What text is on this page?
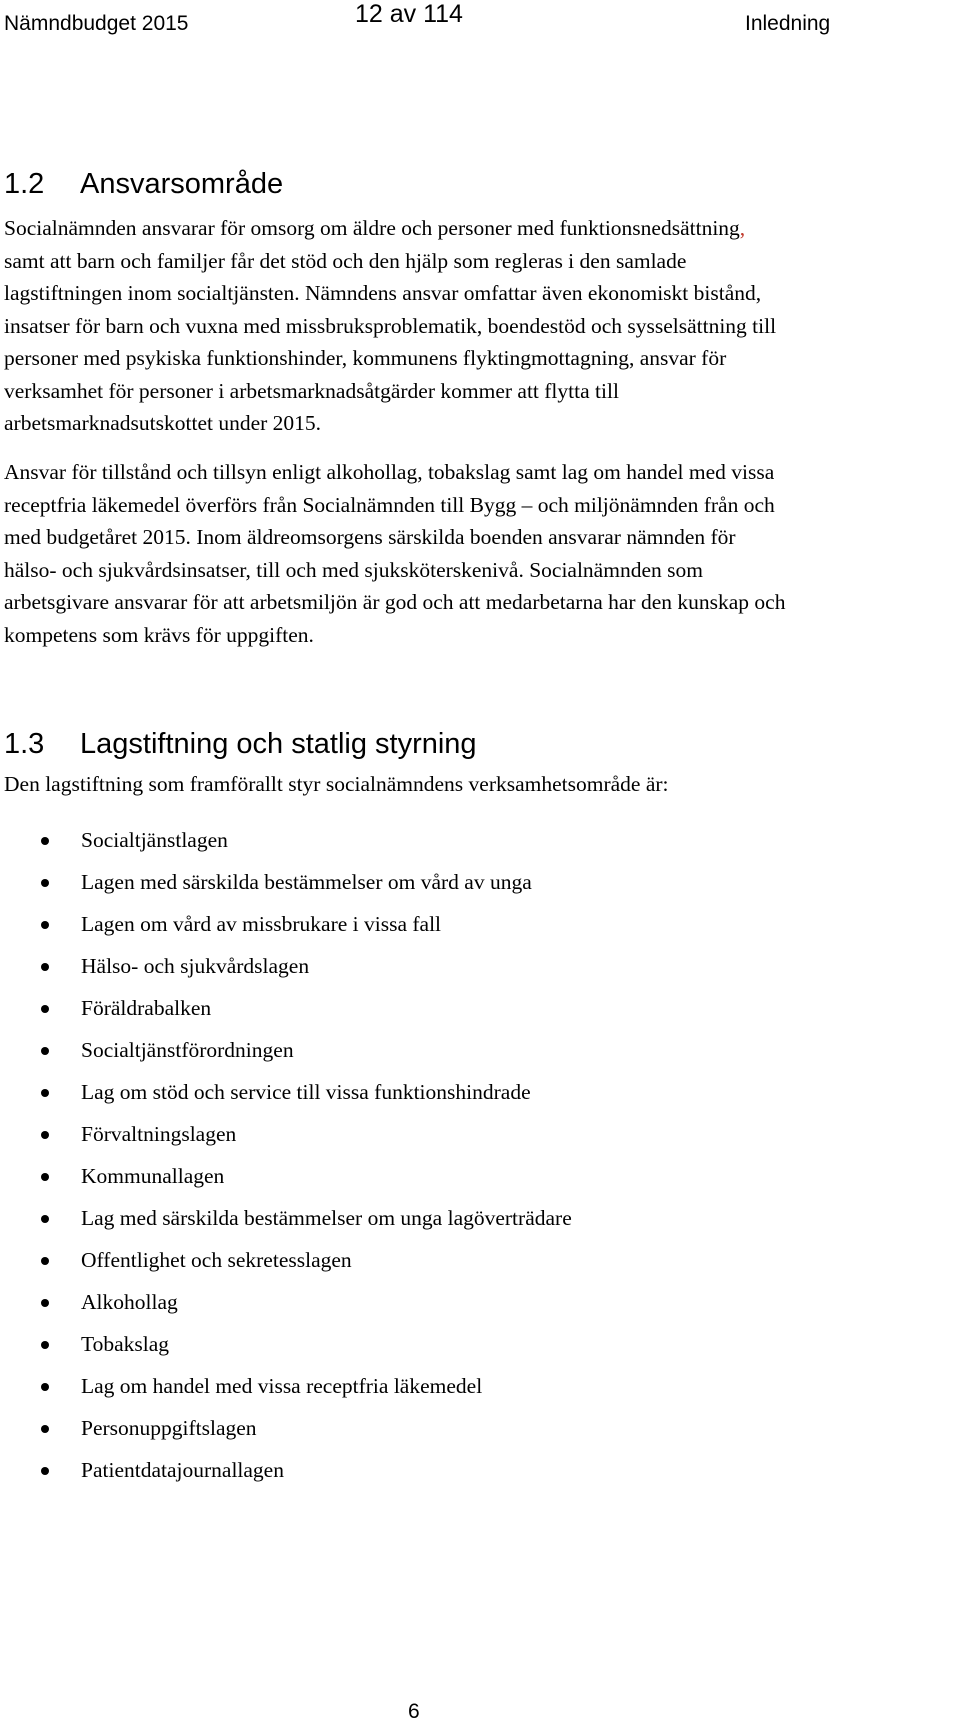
Nämndbudget 2015	12 av 114	Inledning
1.2 Ansvarsområde
Socialnämnden ansvarar för omsorg om äldre och personer med funktionsnedsättning,
samt att barn och familjer får det stöd och den hjälp som regleras i den samlade
lagstiftningen inom socialtjänsten. Nämndens ansvar omfattar även ekonomiskt bistånd,
insatser för barn och vuxna med missbruksproblematik, boendestöd och sysselsättning till
personer med psykiska funktionshinder, kommunens flyktingmottagning, ansvar för
verksamhet för personer i arbetsmarknadsåtgärder kommer att flytta till
arbetsmarknadsutskottet under 2015.
Ansvar för tillstånd och tillsyn enligt alkohollag, tobakslag samt lag om handel med vissa
receptfria läkemedel överförs från Socialnämnden till Bygg – och miljönämnden från och
med budgetåret 2015. Inom äldreomsorgens särskilda boenden ansvarar nämnden för
hälso- och sjukvårdsinsatser, till och med sjuksköterskenivå. Socialnämnden som
arbetsgivare ansvarar för att arbetsmiljön är god och att medarbetarna har den kunskap och
kompetens som krävs för uppgiften.
1.3 Lagstiftning och statlig styrning
Den lagstiftning som framförallt styr socialnämndens verksamhetsområde är:
Socialtjänstlagen
Lagen med särskilda bestämmelser om vård av unga
Lagen om vård av missbrukare i vissa fall
Hälso- och sjukvårdslagen
Föräldrabalken
Socialtjänstförordningen
Lag om stöd och service till vissa funktionshindrade
Förvaltningslagen
Kommunallagen
Lag med särskilda bestämmelser om unga lagöverträdare
Offentlighet och sekretesslagen
Alkohollag
Tobakslag
Lag om handel med vissa receptfria läkemedel
Personuppgiftslagen
Patientdatajournallagen
6
